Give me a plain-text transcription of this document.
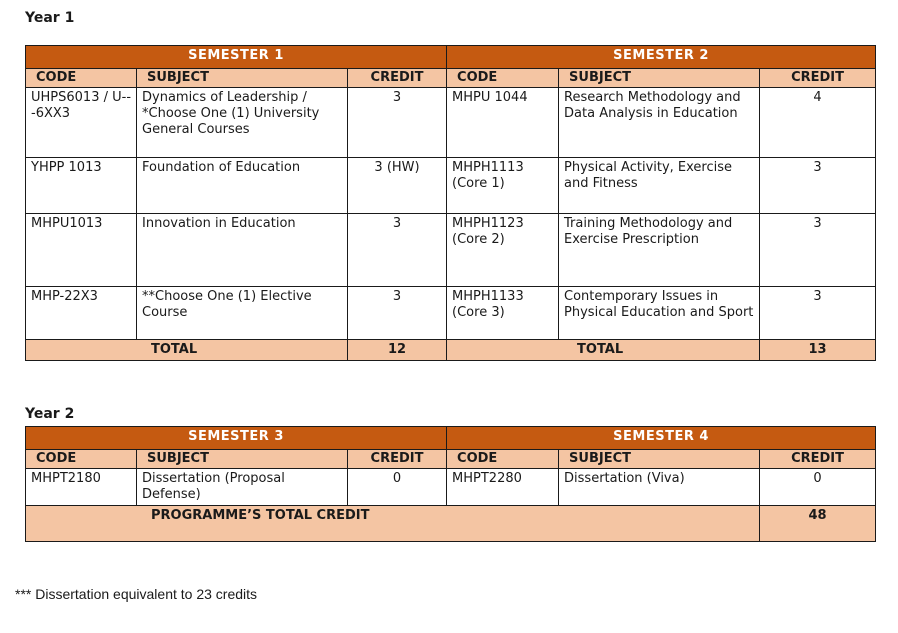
Year 1
SEMESTER 1			SEMESTER 2		
CODE	SUBJECT	CREDIT	CODE	SUBJECT	CREDIT
UHPS6013 / U---6XX3	Dynamics of Leadership / *Choose One (1) University General Courses	3	MHPU 1044	Research Methodology and Data Analysis in Education	4
YHPP 1013	Foundation of Education	3 (HW)	MHPH1113 (Core 1)	Physical Activity, Exercise and Fitness	3
MHPU1013	Innovation in Education	3	MHPH1123 (Core 2)	Training Methodology and Exercise Prescription	3
MHP-22X3	**Choose One (1) Elective Course	3	MHPH1133 (Core 3)	Contemporary Issues in Physical Education and Sport	3
TOTAL		12	TOTAL		13
Year 2
SEMESTER 3			SEMESTER 4		
CODE	SUBJECT	CREDIT	CODE	SUBJECT	CREDIT
MHPT2180	Dissertation (Proposal Defense)	0	MHPT2280	Dissertation (Viva)	0
PROGRAMME’S TOTAL CREDIT					48
*** Dissertation equivalent to 23 credits
